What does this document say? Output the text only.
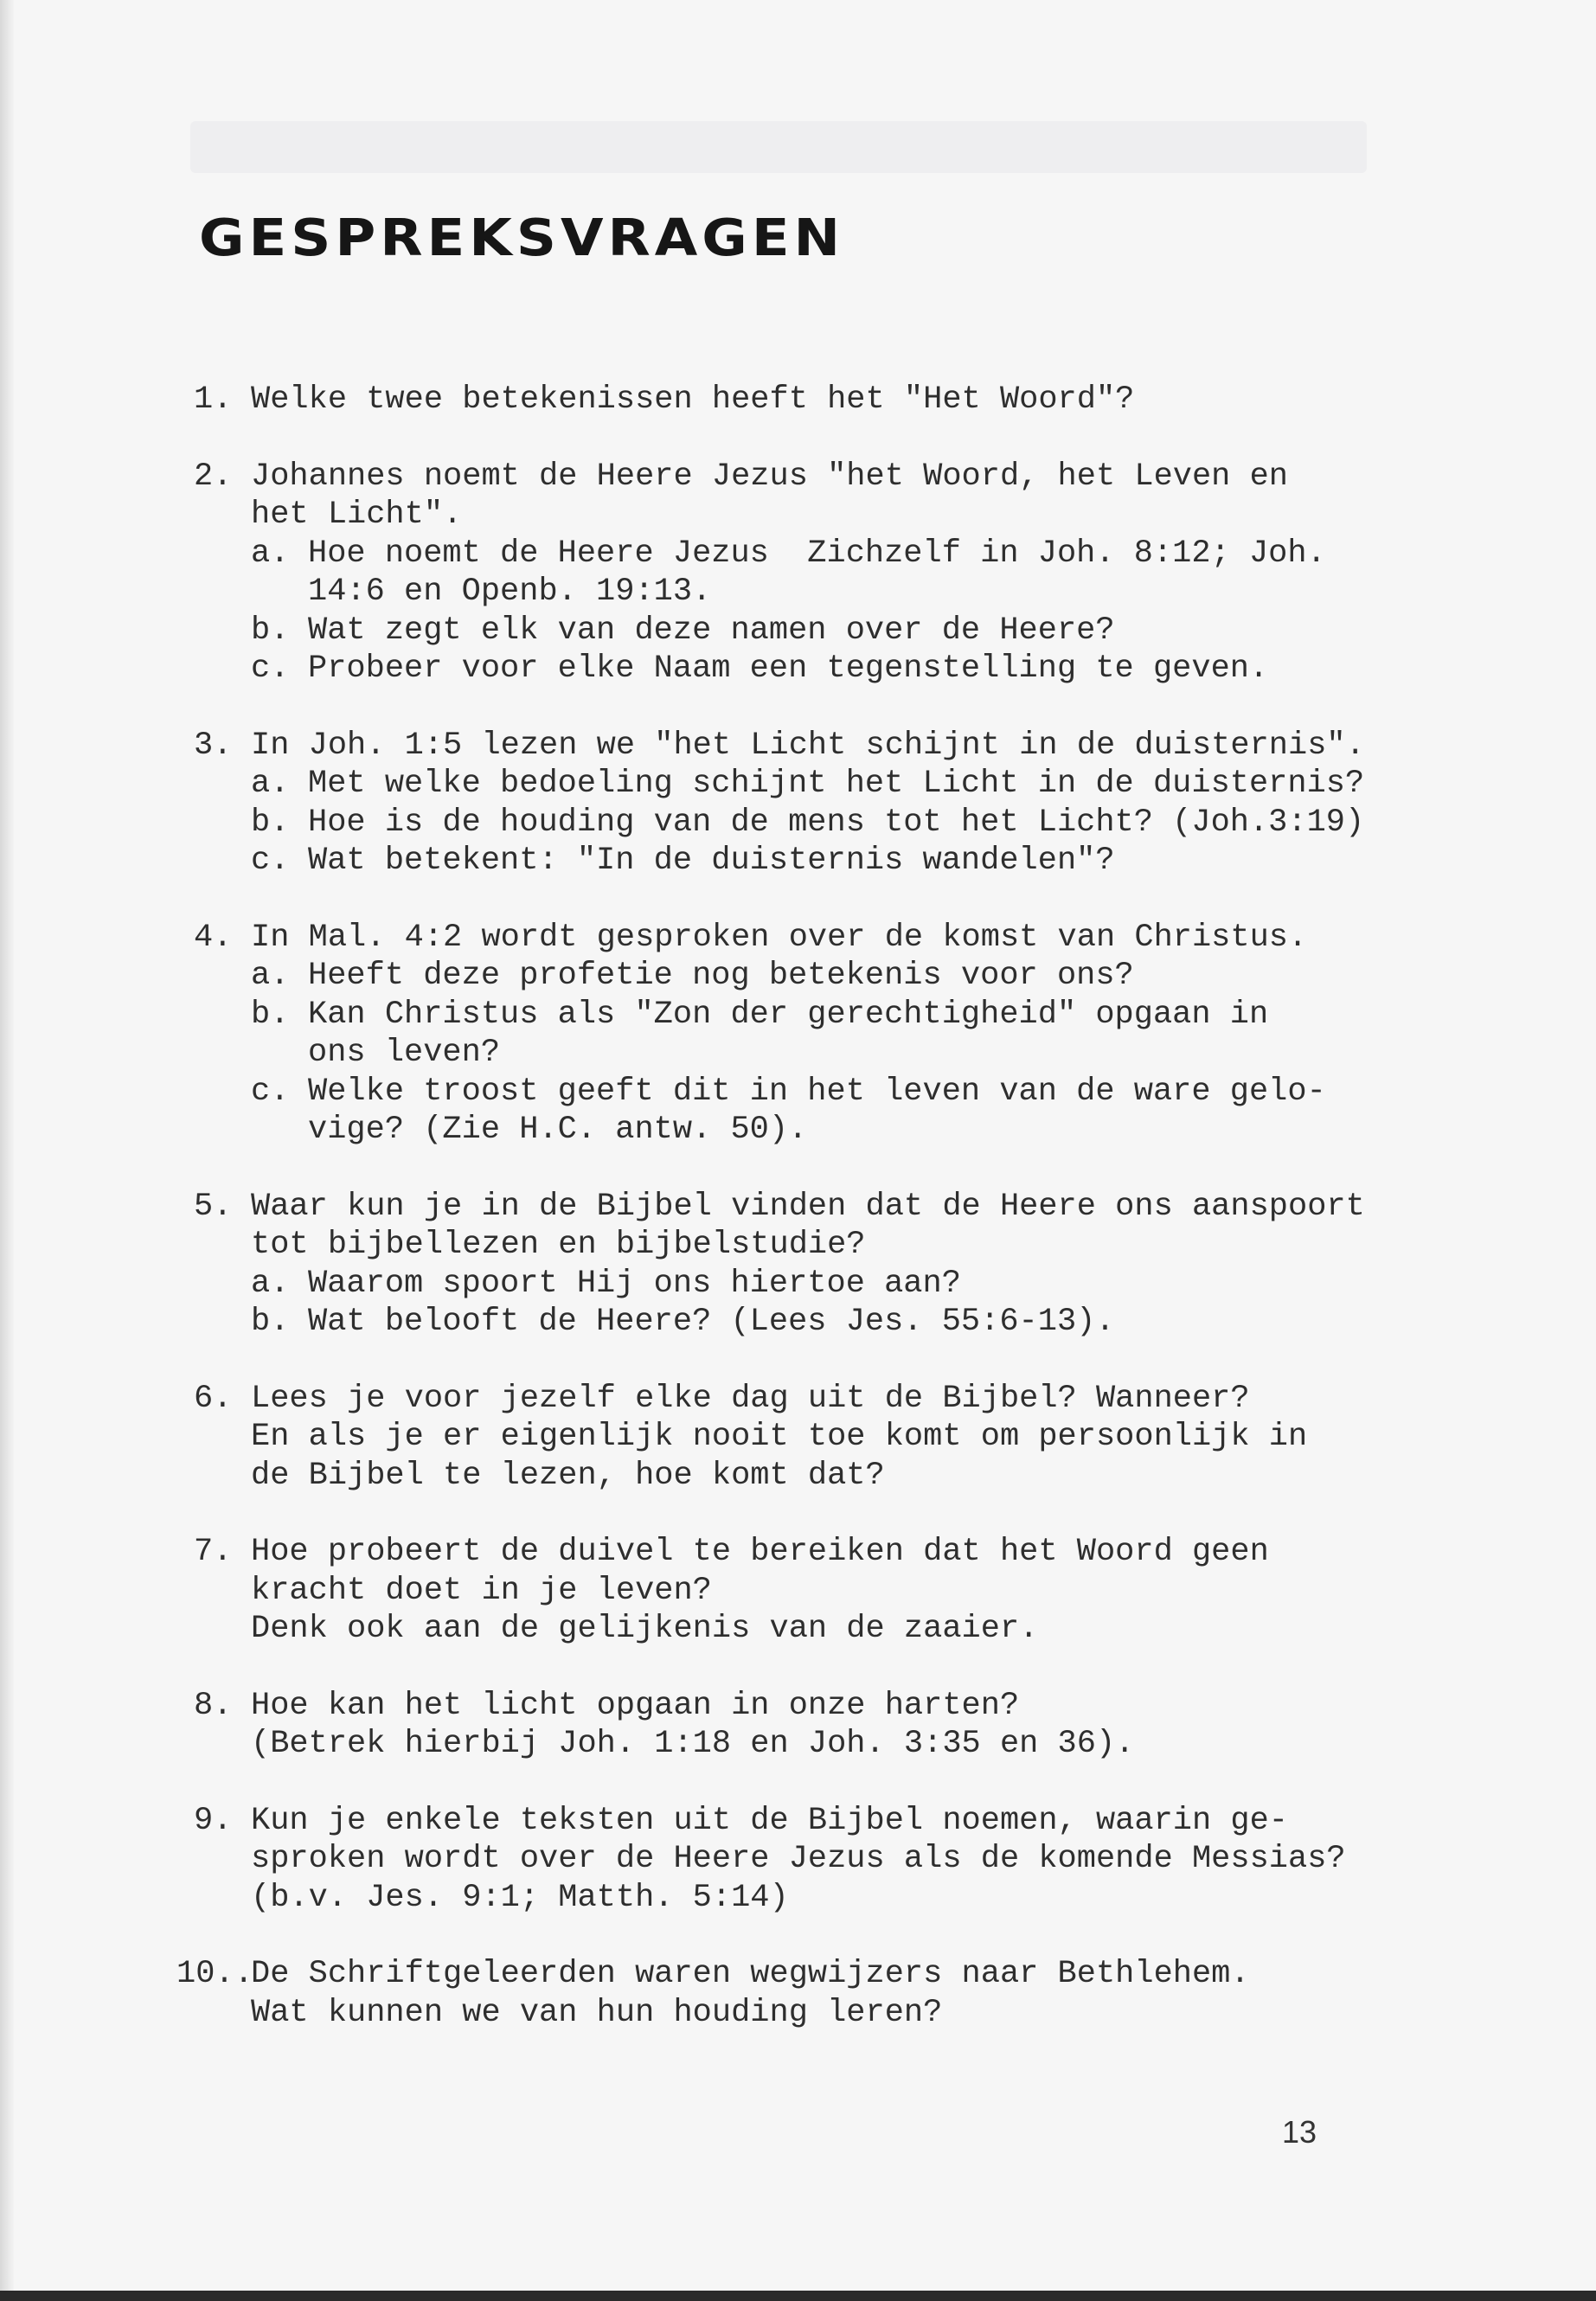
GESPREKSVRAGEN
1. Welke twee betekenissen heeft het "Het Woord"?
2. Johannes noemt de Heere Jezus "het Woord, het Leven en
het Licht".
a. Hoe noemt de Heere Jezus  Zichzelf in Joh. 8:12; Joh.
14:6 en Openb. 19:13.
b. Wat zegt elk van deze namen over de Heere?
c. Probeer voor elke Naam een tegenstelling te geven.
3. In Joh. 1:5 lezen we "het Licht schijnt in de duisternis".
a. Met welke bedoeling schijnt het Licht in de duisternis?
b. Hoe is de houding van de mens tot het Licht? (Joh.3:19)
c. Wat betekent: "In de duisternis wandelen"?
4. In Mal. 4:2 wordt gesproken over de komst van Christus.
a. Heeft deze profetie nog betekenis voor ons?
b. Kan Christus als "Zon der gerechtigheid" opgaan in
ons leven?
c. Welke troost geeft dit in het leven van de ware gelo-
vige? (Zie H.C. antw. 50).
5. Waar kun je in de Bijbel vinden dat de Heere ons aanspoort
tot bijbellezen en bijbelstudie?
a. Waarom spoort Hij ons hiertoe aan?
b. Wat belooft de Heere? (Lees Jes. 55:6-13).
6. Lees je voor jezelf elke dag uit de Bijbel? Wanneer?
En als je er eigenlijk nooit toe komt om persoonlijk in
de Bijbel te lezen, hoe komt dat?
7. Hoe probeert de duivel te bereiken dat het Woord geen
kracht doet in je leven?
Denk ook aan de gelijkenis van de zaaier.
8. Hoe kan het licht opgaan in onze harten?
(Betrek hierbij Joh. 1:18 en Joh. 3:35 en 36).
9. Kun je enkele teksten uit de Bijbel noemen, waarin ge-
sproken wordt over de Heere Jezus als de komende Messias?
(b.v. Jes. 9:1; Matth. 5:14)
10..
De Schriftgeleerden waren wegwijzers naar Bethlehem.
Wat kunnen we van hun houding leren?
13
